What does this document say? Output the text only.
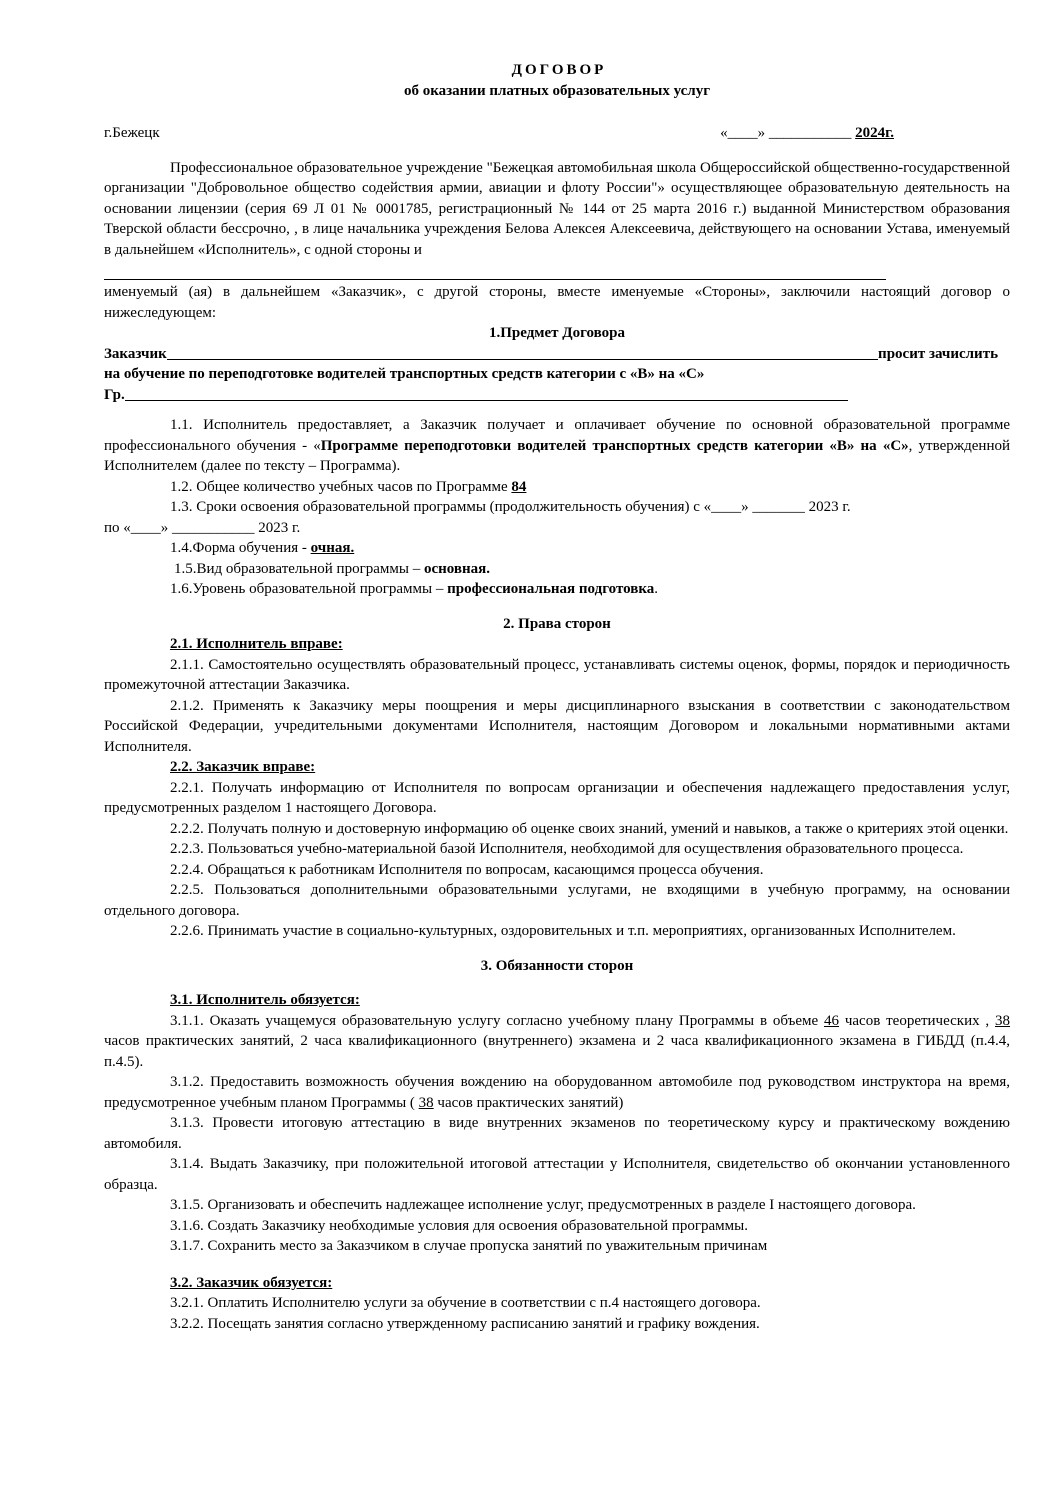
ДОГОВОР
об оказании платных образовательных услуг
г.Бежецк	«____» ___________ 2024г.
Профессиональное образовательное учреждение "Бежецкая автомобильная школа Общероссийской общественно-государственной организации "Добровольное общество содействия армии, авиации и флоту России"» осуществляющее образовательную деятельность на основании лицензии (серия 69 Л 01 № 0001785, регистрационный № 144 от 25 марта 2016 г.) выданной Министерством образования Тверской области бессрочно, , в лице начальника учреждения Белова Алексея Алексеевича, действующего на основании Устава, именуемый в дальнейшем «Исполнитель», с одной стороны и
именуемый (ая) в дальнейшем «Заказчик», с другой стороны, вместе именуемые «Стороны», заключили настоящий договор о нижеследующем:
1.Предмет Договора
Заказчик	просит зачислить
на обучение по переподготовке водителей транспортных средств категории с «В» на «С»
Гр.
1.1. Исполнитель предоставляет, а Заказчик получает и оплачивает обучение по основной образовательной программе профессионального обучения - «Программе переподготовки водителей транспортных средств категории «В» на «С», утвержденной Исполнителем (далее по тексту – Программа).
1.2. Общее количество учебных часов по Программе 84
1.3. Сроки освоения образовательной программы (продолжительность обучения) с «____» _______ 2023 г.
по «____» ___________ 2023 г.
1.4.Форма обучения - очная.
1.5.Вид образовательной программы – основная.
1.6.Уровень образовательной программы – профессиональная подготовка.
2. Права сторон
2.1. Исполнитель вправе:
2.1.1. Самостоятельно осуществлять образовательный процесс, устанавливать системы оценок, формы, порядок и периодичность промежуточной аттестации Заказчика.
2.1.2. Применять к Заказчику меры поощрения и меры дисциплинарного взыскания в соответствии с законодательством Российской Федерации, учредительными документами Исполнителя, настоящим Договором и локальными нормативными актами Исполнителя.
2.2. Заказчик вправе:
2.2.1. Получать информацию от Исполнителя по вопросам организации и обеспечения надлежащего предоставления услуг, предусмотренных разделом 1 настоящего Договора.
2.2.2. Получать полную и достоверную информацию об оценке своих знаний, умений и навыков, а также о критериях этой оценки.
2.2.3. Пользоваться учебно-материальной базой Исполнителя, необходимой для осуществления образовательного процесса.
2.2.4. Обращаться к работникам Исполнителя по вопросам, касающимся процесса обучения.
2.2.5. Пользоваться дополнительными образовательными услугами, не входящими в учебную программу, на основании отдельного договора.
2.2.6. Принимать участие в социально-культурных, оздоровительных и т.п. мероприятиях, организованных Исполнителем.
3. Обязанности сторон
3.1. Исполнитель обязуется:
3.1.1. Оказать учащемуся образовательную услугу согласно учебному плану Программы в объеме 46 часов теоретических , 38 часов практических занятий, 2 часа квалификационного (внутреннего) экзамена и 2 часа квалификационного экзамена в ГИБДД (п.4.4, п.4.5).
3.1.2. Предоставить возможность обучения вождению на оборудованном автомобиле под руководством инструктора на время, предусмотренное учебным планом Программы ( 38 часов практических занятий)
3.1.3. Провести итоговую аттестацию в виде внутренних экзаменов по теоретическому курсу и практическому вождению автомобиля.
3.1.4. Выдать Заказчику, при положительной итоговой аттестации у Исполнителя, свидетельство об окончании установленного образца.
3.1.5. Организовать и обеспечить надлежащее исполнение услуг, предусмотренных в разделе I настоящего договора.
3.1.6. Создать Заказчику необходимые условия для освоения образовательной программы.
3.1.7. Сохранить место за Заказчиком в случае пропуска занятий по уважительным причинам
3.2. Заказчик обязуется:
3.2.1. Оплатить Исполнителю услуги за обучение в соответствии с п.4 настоящего договора.
3.2.2. Посещать занятия согласно утвержденному расписанию занятий и графику вождения.
